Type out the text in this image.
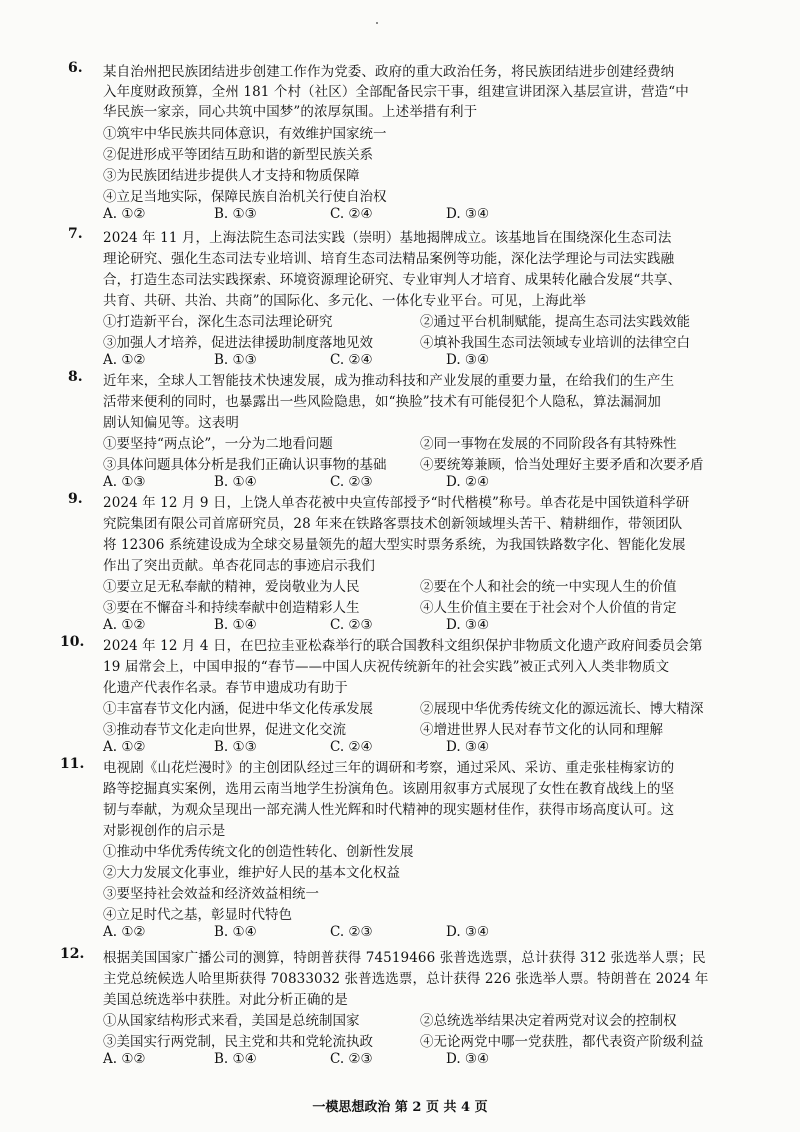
6. 某自治州把民族团结进步创建工作作为党委、政府的重大政治任务，将民族团结进步创建经费纳
入年度财政预算，全州 181 个村（社区）全部配备民宗干事，组建宣讲团深入基层宣讲，营造“中
华民族一家亲，同心共筑中国梦”的浓厚氛围。上述举措有利于
①筑牢中华民族共同体意识，有效维护国家统一
②促进形成平等团结互助和谐的新型民族关系
③为民族团结进步提供人才支持和物质保障
④立足当地实际，保障民族自治机关行使自治权
A. ①②	B. ①③	C. ②④	D. ③④
7. 2024 年 11 月，上海法院生态司法实践（崇明）基地揭牌成立。该基地旨在围绕深化生态司法
理论研究、强化生态司法专业培训、培育生态司法精品案例等功能，深化法学理论与司法实践融
合，打造生态司法实践探索、环境资源理论研究、专业审判人才培育、成果转化融合发展“共享、
共育、共研、共治、共商”的国际化、多元化、一体化专业平台。可见，上海此举
①打造新平台，深化生态司法理论研究	②通过平台机制赋能，提高生态司法实践效能
③加强人才培养，促进法律援助制度落地见效	④填补我国生态司法领域专业培训的法律空白
A. ①②	B. ①③	C. ②④	D. ③④
8. 近年来，全球人工智能技术快速发展，成为推动科技和产业发展的重要力量，在给我们的生产生
活带来便利的同时，也暴露出一些风险隐患，如“换脸”技术有可能侵犯个人隐私，算法漏洞加
剧认知偏见等。这表明
①要坚持“两点论”，一分为二地看问题	②同一事物在发展的不同阶段各有其特殊性
③具体问题具体分析是我们正确认识事物的基础 ④要统筹兼顾，恰当处理好主要矛盾和次要矛盾
A. ①③	B. ①④	C. ②③	D. ②④
9. 2024 年 12 月 9 日，上饶人单杏花被中央宣传部授予“时代楷模”称号。单杏花是中国铁道科学研
究院集团有限公司首席研究员，28 年来在铁路客票技术创新领域埋头苦干、精耕细作，带领团队
将 12306 系统建设成为全球交易量领先的超大型实时票务系统，为我国铁路数字化、智能化发展
作出了突出贡献。单杏花同志的事迹启示我们
①要立足无私奉献的精神，爱岗敬业为人民	②要在个人和社会的统一中实现人生的价值
③要在不懈奋斗和持续奉献中创造精彩人生	④人生价值主要在于社会对个人价值的肯定
A. ①②	B. ①④	C. ②③	D. ③④
10. 2024 年 12 月 4 日，在巴拉圭亚松森举行的联合国教科文组织保护非物质文化遗产政府间委员会第
19 届常会上，中国申报的“春节——中国人庆祝传统新年的社会实践”被正式列入人类非物质文
化遗产代表作名录。春节申遗成功有助于
①丰富春节文化内涵，促进中华文化传承发展	②展现中华优秀传统文化的源远流长、博大精深
③推动春节文化走向世界，促进文化交流	④增进世界人民对春节文化的认同和理解
A. ①②	B. ①③	C. ②④	D. ③④
11. 电视剧《山花烂漫时》的主创团队经过三年的调研和考察，通过采风、采访、重走张桂梅家访的
路等挖掘真实案例，选用云南当地学生扮演角色。该剧用叙事方式展现了女性在教育战线上的坚
韧与奉献，为观众呈现出一部充满人性光辉和时代精神的现实题材佳作，获得市场高度认可。这
对影视创作的启示是
①推动中华优秀传统文化的创造性转化、创新性发展
②大力发展文化事业，维护好人民的基本文化权益
③要坚持社会效益和经济效益相统一
④立足时代之基，彰显时代特色
A. ①②	B. ①④	C. ②③	D. ③④
12. 根据美国国家广播公司的测算，特朗普获得 74519466 张普选选票，总计获得 312 张选举人票；民
主党总统候选人哈里斯获得 70833032 张普选选票，总计获得 226 张选举人票。特朗普在 2024 年
美国总统选举中获胜。对此分析正确的是
①从国家结构形式来看，美国是总统制国家	②总统选举结果决定着两党对议会的控制权
③美国实行两党制，民主党和共和党轮流执政	④无论两党中哪一党获胜，都代表资产阶级利益
A. ①②	B. ①④	C. ②③	D. ③④
一模思想政治 第 2 页 共 4 页
